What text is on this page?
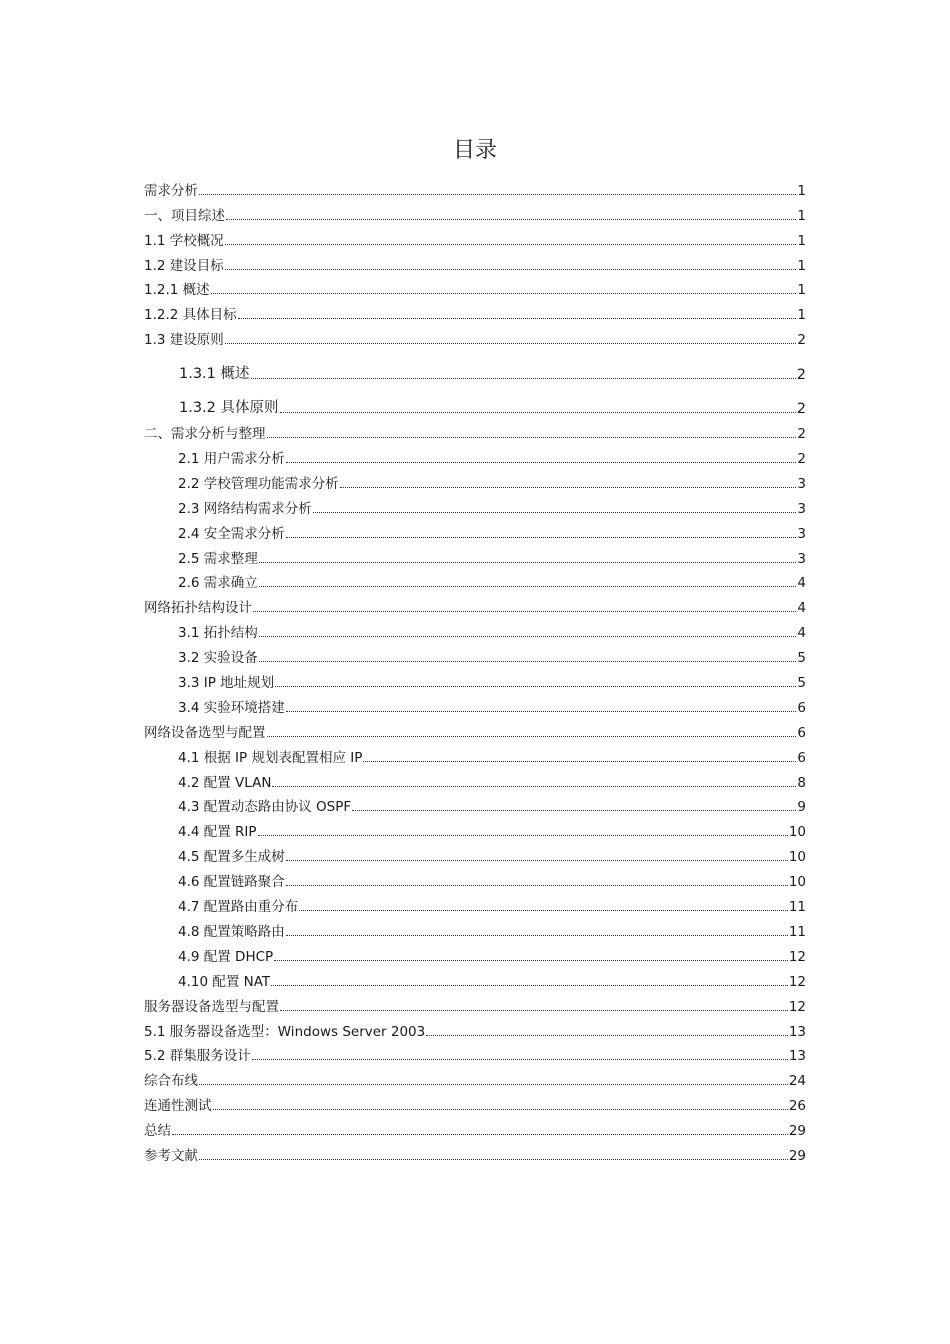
目录
需求分析	1
一、项目综述	1
1.1 学校概况	1
1.2 建设目标	1
1.2.1 概述	1
1.2.2 具体目标	1
1.3 建设原则	2
1.3.1 概述	2
1.3.2 具体原则	2
二、需求分析与整理	2
2.1 用户需求分析	2
2.2 学校管理功能需求分析	3
2.3 网络结构需求分析	3
2.4 安全需求分析	3
2.5 需求整理	3
2.6 需求确立	4
网络拓扑结构设计	4
3.1 拓扑结构	4
3.2 实验设备	5
3.3 IP 地址规划	5
3.4 实验环境搭建	6
网络设备选型与配置	6
4.1 根据 IP 规划表配置相应 IP	6
4.2 配置 VLAN	8
4.3 配置动态路由协议 OSPF	9
4.4 配置 RIP	10
4.5 配置多生成树	10
4.6 配置链路聚合	10
4.7 配置路由重分布	11
4.8 配置策略路由	11
4.9 配置 DHCP	12
4.10 配置 NAT	12
服务器设备选型与配置	12
5.1 服务器设备选型：Windows Server 2003	13
5.2 群集服务设计	13
综合布线	24
连通性测试	26
总结	29
参考文献	29
